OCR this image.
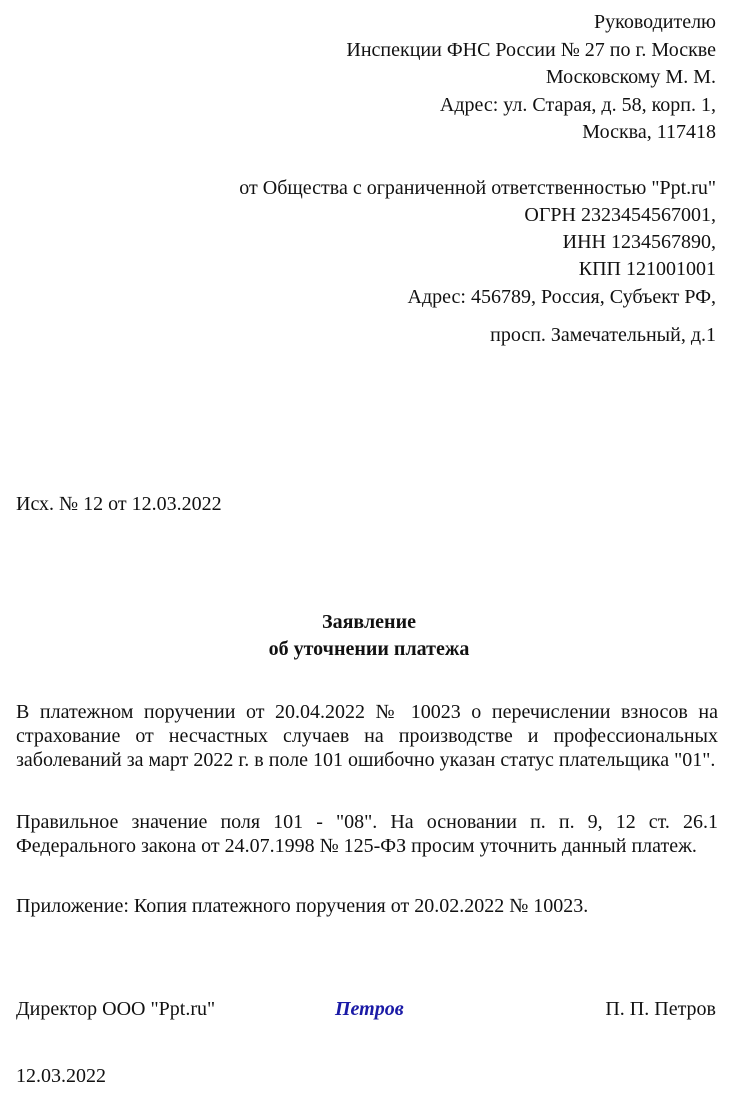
Руководителю
Инспекции ФНС России № 27 по г. Москве
Московскому М. М.
Адрес: ул. Старая, д. 58, корп. 1,
Москва, 117418
от Общества с ограниченной ответственностью "Ppt.ru"
ОГРН 2323454567001,
ИНН 1234567890,
КПП 121001001
Адрес: 456789, Россия, Субъект РФ,
просп. Замечательный, д.1
Исх. № 12 от 12.03.2022
Заявление
об уточнении платежа
В платежном поручении от 20.04.2022 № 10023 о перечислении взносов на страхование от несчастных случаев на производстве и профессиональных заболеваний за март 2022 г. в поле 101 ошибочно указан статус плательщика "01".
Правильное значение поля 101 - "08". На основании п. п. 9, 12 ст. 26.1 Федерального закона от 24.07.1998 № 125-ФЗ просим уточнить данный платеж.
Приложение: Копия платежного поручения от 20.02.2022 № 10023.
Директор ООО "Ppt.ru"	Петров	П. П. Петров
12.03.2022
